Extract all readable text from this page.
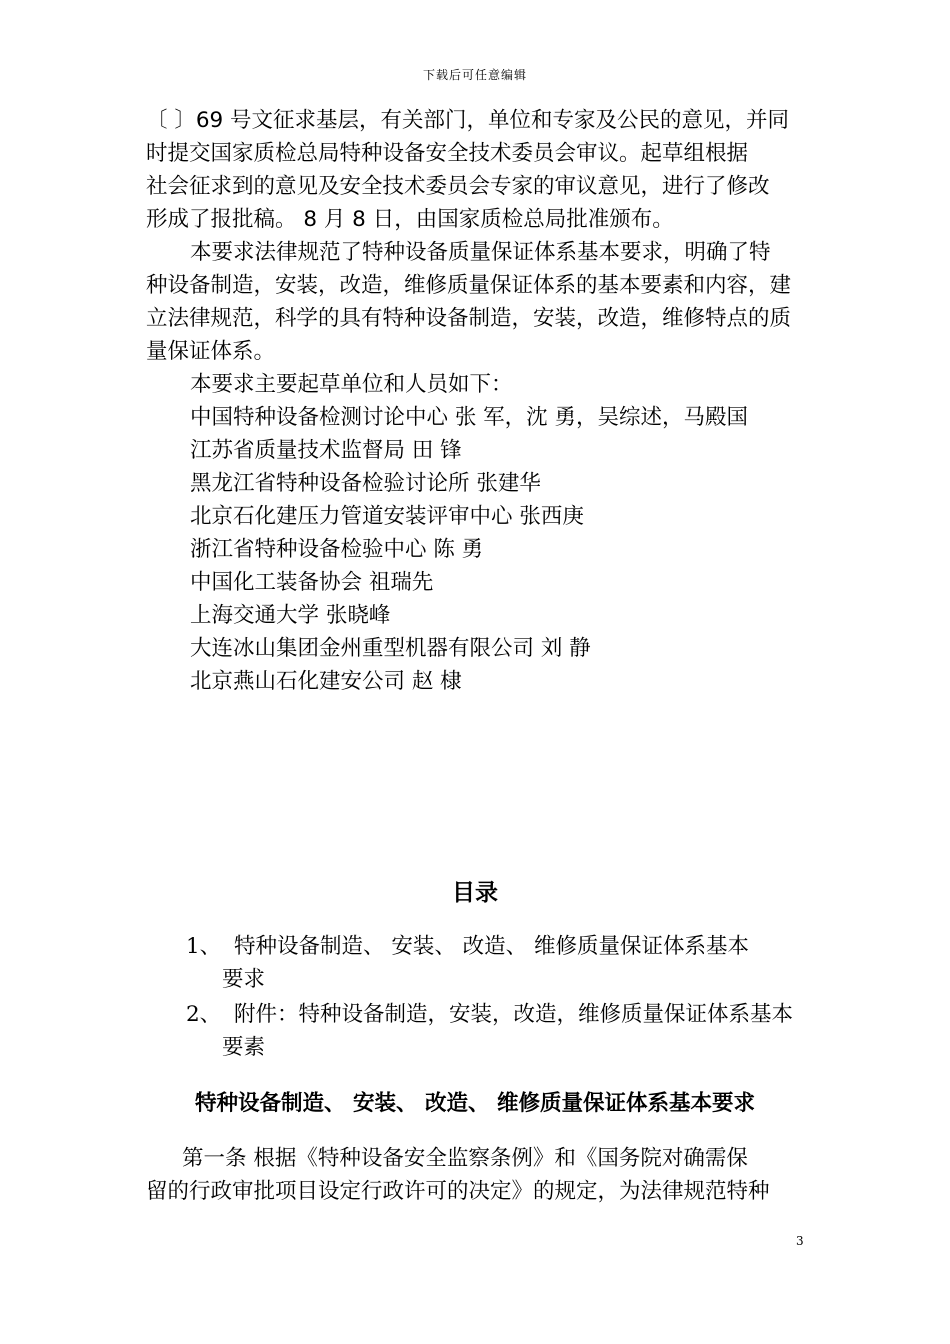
下载后可任意编辑
〔 〕69 号文征求基层，有关部门，单位和专家及公民的意见，并同
时提交国家质检总局特种设备安全技术委员会审议。起草组根据
社会征求到的意见及安全技术委员会专家的审议意见，进行了修改
形成了报批稿。 8 月 8 日，由国家质检总局批准颁布。
本要求法律规范了特种设备质量保证体系基本要求，明确了特
种设备制造，安装，改造，维修质量保证体系的基本要素和内容，建
立法律规范，科学的具有特种设备制造，安装，改造，维修特点的质
量保证体系。
本要求主要起草单位和人员如下：
中国特种设备检测讨论中心 张 军，沈 勇，吴综述，马殿国
江苏省质量技术监督局 田 锋
黑龙江省特种设备检验讨论所 张建华
北京石化建压力管道安装评审中心 张西庚
浙江省特种设备检验中心 陈 勇
中国化工装备协会 祖瑞先
上海交通大学 张晓峰
大连冰山集团金州重型机器有限公司 刘 静
北京燕山石化建安公司 赵 棣
目录
1、 特种设备制造、 安装、 改造、 维修质量保证体系基本
要求
2、 附件：特种设备制造，安装，改造，维修质量保证体系基本
要素
特种设备制造、 安装、 改造、 维修质量保证体系基本要求
第一条 根据《特种设备安全监察条例》和《国务院对确需保
留的行政审批项目设定行政许可的决定》的规定，为法律规范特种
3
